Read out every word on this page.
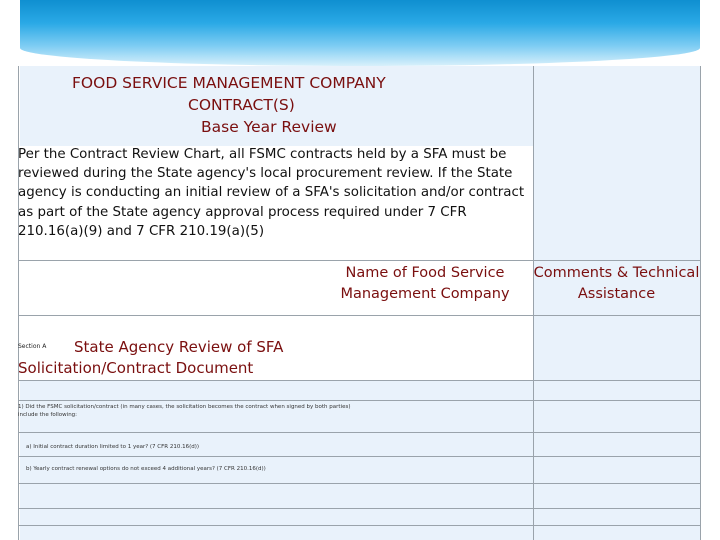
FOOD SERVICE MANAGEMENT COMPANY
CONTRACT(S)
Base Year Review
Per the Contract Review Chart, all FSMC contracts held by a SFA must be reviewed during the State agency's local procurement review. If the State agency is conducting an initial review of a SFA's solicitation and/or contract as part of the State agency approval process required under 7 CFR 210.16(a)(9) and 7 CFR 210.19(a)(5)
Name of Food Service Management Company
Comments & Technical Assistance
Section A	State Agency Review of SFA Solicitation/Contract Document
1) Did the FSMC solicitation/contract (in many cases, the solicitation becomes the contract when signed by both parties) include the following:
a) Initial contract duration limited to 1 year? (7 CFR 210.16(d))
b) Yearly contract renewal options do not exceed 4 additional years? (7 CFR 210.16(d))
